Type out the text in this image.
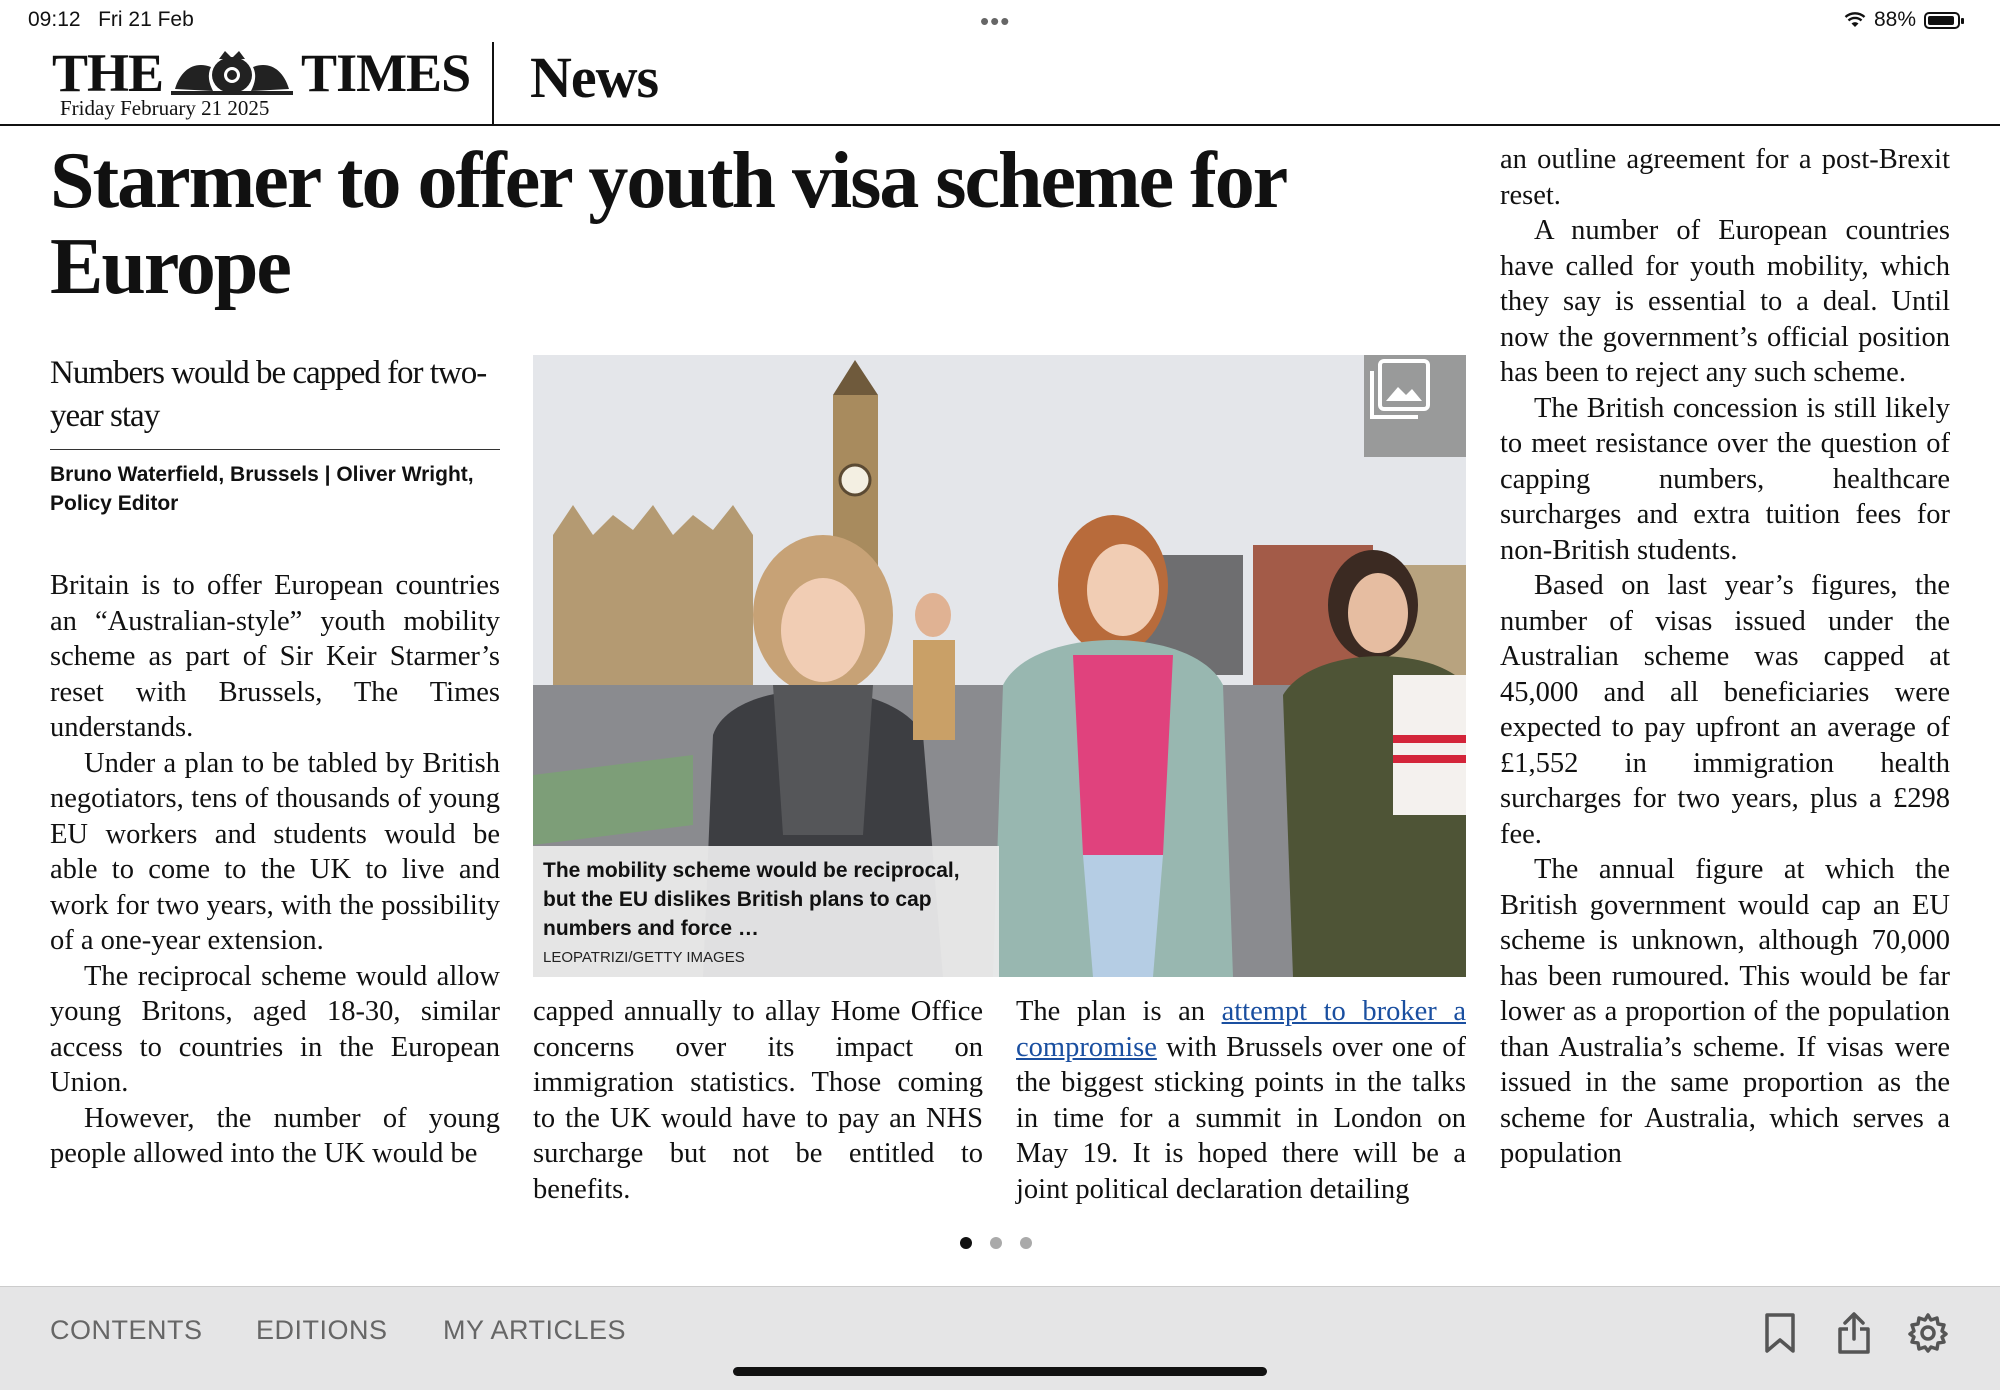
09:12 Fri 21 Feb	•••	88%
THE	TIMES
Friday February 21 2025	News
Starmer to offer youth visa scheme for Europe
Numbers would be capped for two-year stay
Bruno Waterfield, Brussels | Oliver Wright, Policy Editor

Britain is to offer European countries an “Australian-style” youth mobility scheme as part of Sir Keir Starmer’s reset with Brussels, The Times understands.

Under a plan to be tabled by British negotiators, tens of thousands of young EU workers and students would be able to come to the UK to live and work for two years, with the possibility of a one-year extension.

The reciprocal scheme would allow young Britons, aged 18-30, similar access to countries in the European Union.

However, the number of young people allowed into the UK would be

The mobility scheme would be reciprocal, but the EU dislikes British plans to cap numbers and force …
LEOPATRIZI/GETTY IMAGES

capped annually to allay Home Office concerns over its impact on immigration statistics. Those coming to the UK would have to pay an NHS surcharge but not be entitled to benefits.

The plan is an attempt to broker a compromise with Brussels over one of the biggest sticking points in the talks in time for a summit in London on May 19. It is hoped there will be a joint political declaration detailing

an outline agreement for a post-Brexit reset.

A number of European countries have called for youth mobility, which they say is essential to a deal. Until now the government’s official position has been to reject any such scheme.

The British concession is still likely to meet resistance over the question of capping numbers, healthcare surcharges and extra tuition fees for non-British students.

Based on last year’s figures, the number of visas issued under the Australian scheme was capped at 45,000 and all beneficiaries were expected to pay upfront an average of £1,552 in immigration health surcharges for two years, plus a £298 fee.

The annual figure at which the British government would cap an EU scheme is unknown, although 70,000 has been rumoured. This would be far lower as a proportion of the population than Australia’s scheme. If visas were issued in the same proportion as the scheme for Australia, which serves a population

CONTENTS EDITIONS MY ARTICLES
